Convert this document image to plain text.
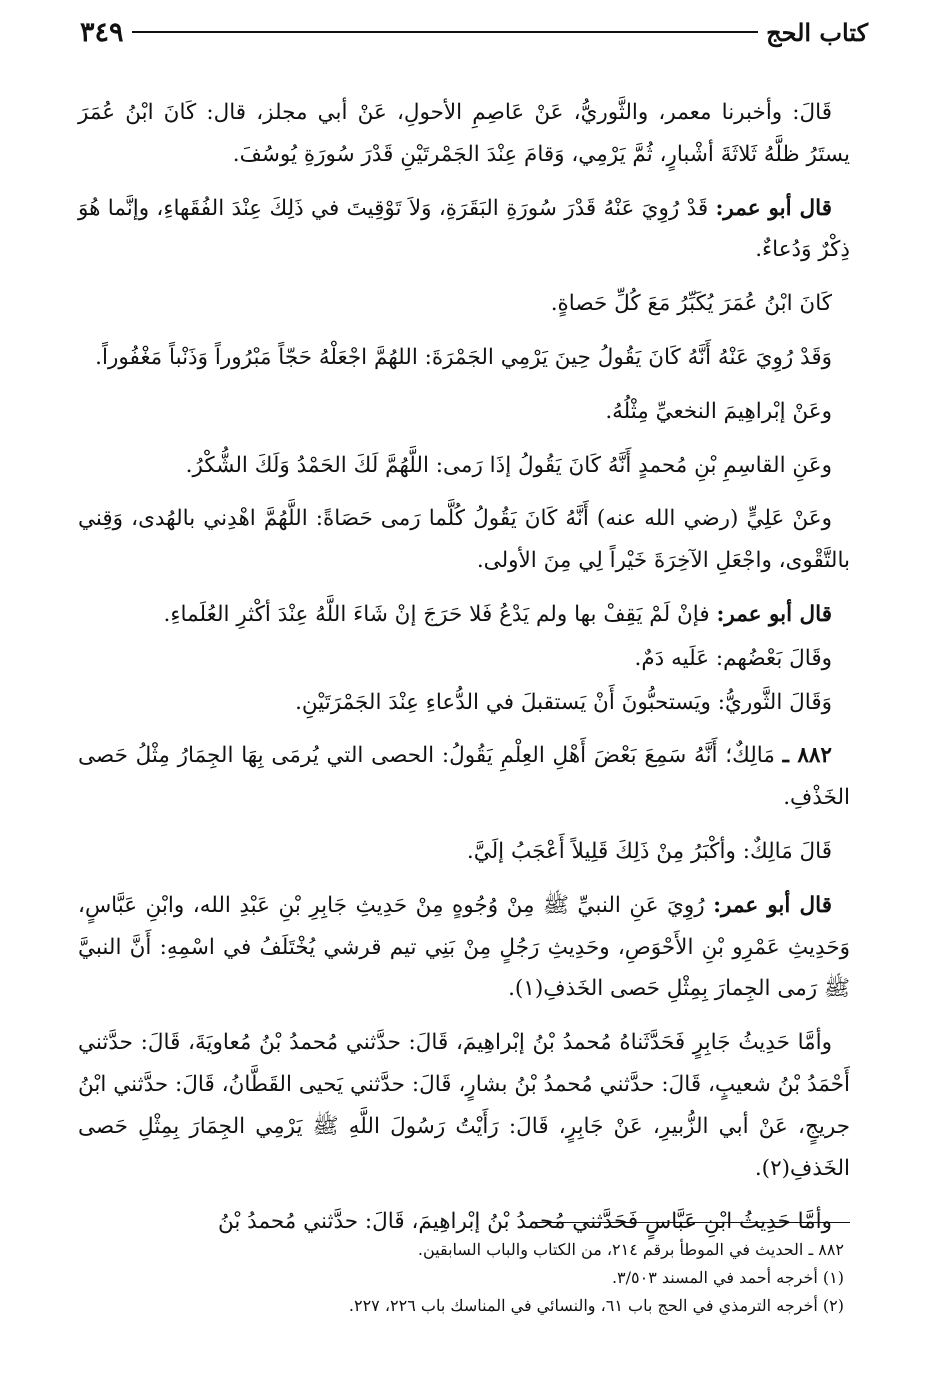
كتاب الحج
٣٤٩

قَالَ: وأخبرنا معمر، والثَّوريُّ، عَنْ عَاصِمِ الأحولِ، عَنْ أبي مجلز، قال: كَانَ ابْنُ عُمَرَ يستَرُ ظلَّهُ ثَلاثَةَ أشْبارٍ، ثُمَّ يَرْمِي، وَقامَ عِنْدَ الجَمْرتَيْنِ قَدْرَ سُورَةِ يُوسُفَ.

قال أبو عمر: قَدْ رُوِيَ عَنْهُ قَدْرَ سُورَةِ البَقَرَةِ، وَلاَ تَوْقِيتَ في ذَلِكَ عِنْدَ الفُقَهاءِ، وإنَّما هُوَ ذِكْرٌ وَدُعاءٌ.

كَانَ ابْنُ عُمَرَ يُكَبِّرُ مَعَ كُلِّ حَصاةٍ.

وَقَدْ رُوِيَ عَنْهُ أَنَّهُ كَانَ يَقُولُ حِينَ يَرْمِي الجَمْرَةَ: اللهُمَّ اجْعَلْهُ حَجّاً مَبْرُوراً وَذَنْباً مَغْفُوراً.

وعَنْ إبْراهِيمَ النخعيِّ مِثْلُهُ.

وعَنِ القاسِمِ بْنِ مُحمدٍ أَنَّهُ كَانَ يَقُولُ إذَا رَمى: اللَّهُمَّ لَكَ الحَمْدُ وَلَكَ الشُّكْرُ.

وعَنْ عَلِيٍّ (رضي الله عنه) أَنَّهُ كَانَ يَقُولُ كُلَّما رَمى حَصَاةً: اللَّهُمَّ اهْدِني بالهُدى، وَقِني بالتَّقْوى، واجْعَلِ الآخِرَةَ خَيْراً لِي مِنَ الأولى.

قال أبو عمر: فإنْ لَمْ يَقِفْ بها ولم يَدْعُ فَلا حَرَجَ إنْ شَاءَ اللَّهُ عِنْدَ أكْثرِ العُلَماءِ.

وقَالَ بَعْضُهم: عَلَيه دَمٌ.

وَقَالَ الثَّوريُّ: ويَستحبُّونَ أَنْ يَستقبلَ في الدُّعاءِ عِنْدَ الجَمْرَتَيْنِ.

٨٨٢ ـ مَالِكٌ؛ أَنَّهُ سَمِعَ بَعْضَ أَهْلِ العِلْمِ يَقُولُ: الحصى التي يُرمَى بِهَا الجِمَارُ مِثْلُ حَصى الخَذْفِ.

قَالَ مَالِكٌ: وأكْبَرُ مِنْ ذَلِكَ قَلِيلاً أَعْجَبُ إلَيَّ.

قال أبو عمر: رُوِيَ عَنِ النبيِّ ﷺ مِنْ وُجُوهٍ مِنْ حَدِيثِ جَابِرِ بْنِ عَبْدِ الله، وابْنِ عَبَّاسٍ، وَحَدِيثِ عَمْرِو بْنِ الأَحْوَصِ، وحَدِيثِ رَجُلٍ مِنْ بَنِي تيم قرشي يُخْتَلَفُ في اسْمِهِ: أَنَّ النبيَّ ﷺ رَمى الجِمارَ بِمِثْلِ حَصى الخَذفِ(١).

وأمَّا حَدِيثُ جَابِرٍ فَحَدَّثَناهُ مُحمدُ بْنُ إبْراهِيمَ، قَالَ: حدَّثني مُحمدُ بْنُ مُعاويَةَ، قَالَ: حدَّثني أَحْمَدُ بْنُ شعيبٍ، قَالَ: حدَّثني مُحمدُ بْنُ بشارٍ، قَالَ: حدَّثني يَحيى القَطَّانُ، قَالَ: حدَّثني ابْنُ جريجٍ، عَنْ أبي الزُّبيرِ، عَنْ جَابِرٍ، قَالَ: رَأَيْتُ رَسُولَ اللَّهِ ﷺ يَرْمِي الجِمَارَ بِمِثْلِ حَصى الخَذفِ(٢).

وأمَّا حَدِيثُ ابْنِ عَبَّاسٍ فَحَدَّثني مُحمدُ بْنُ إبْراهِيمَ، قَالَ: حدَّثني مُحمدُ بْنُ

٨٨٢ ـ الحديث في الموطأ برقم ٢١٤، من الكتاب والباب السابقين.

(١) أخرجه أحمد في المسند ٣/٥٠٣.

(٢) أخرجه الترمذي في الحج باب ٦١، والنسائي في المناسك باب ٢٢٦، ٢٢٧.
